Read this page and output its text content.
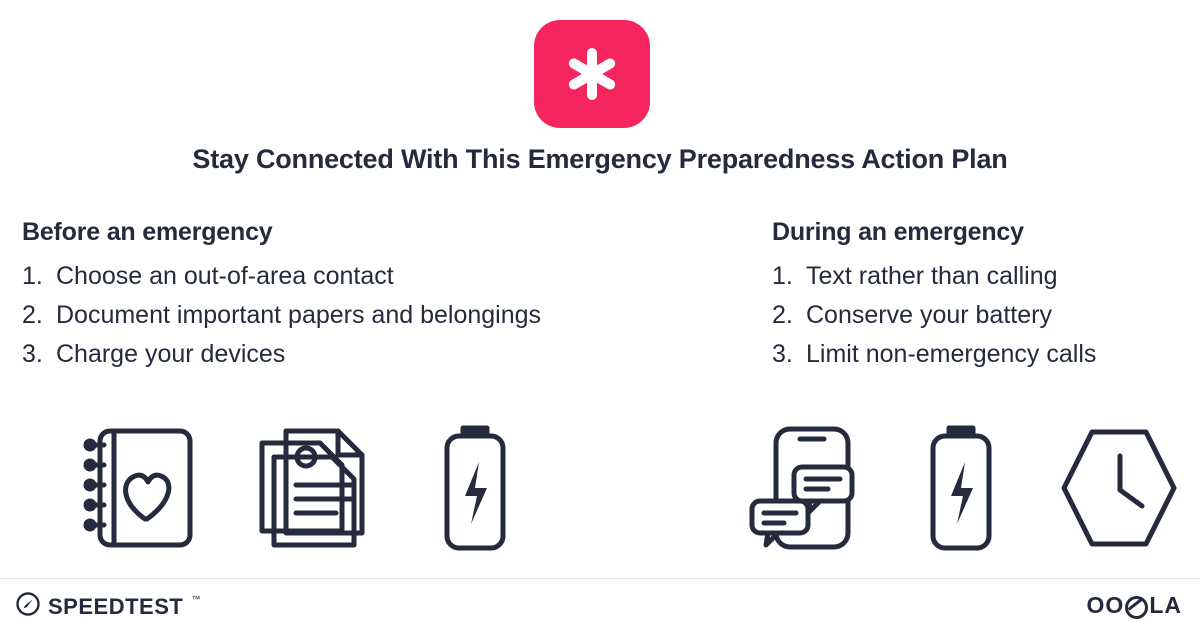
Stay Connected With This Emergency Preparedness Action Plan
Before an emergency
1. Choose an out-of-area contact
2. Document important papers and belongings
3. Charge your devices
During an emergency
1. Text rather than calling
2. Conserve your battery
3. Limit non-emergency calls
SPEEDTEST ™	OO LA
